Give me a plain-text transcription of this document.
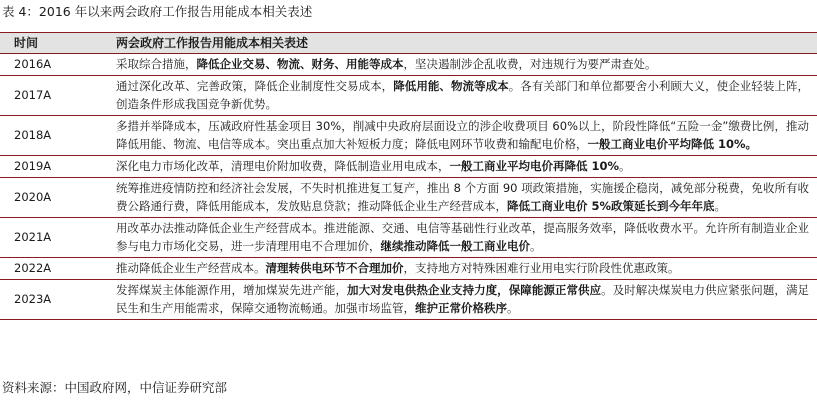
表 4：2016 年以来两会政府工作报告用能成本相关表述
时间	两会政府工作报告用能成本相关表述
2016A	采取综合措施，降低企业交易、物流、财务、用能等成本，坚决遏制涉企乱收费，对违规行为要严肃查处。
2017A	通过深化改革、完善政策，降低企业制度性交易成本，降低用能、物流等成本。各有关部门和单位都要舍小利顾大义，使企业轻装上阵，创造条件形成我国竞争新优势。
2018A	多措并举降成本，压减政府性基金项目 30%，削减中央政府层面设立的涉企收费项目 60%以上，阶段性降低“五险一金”缴费比例，推动降低用能、物流、电信等成本。突出重点加大补短板力度；降低电网环节收费和输配电价格，一般工商业电价平均降低 10%。
2019A	深化电力市场化改革，清理电价附加收费，降低制造业用电成本，一般工商业平均电价再降低 10%。
2020A	统筹推进疫情防控和经济社会发展，不失时机推进复工复产，推出 8 个方面 90 项政策措施，实施援企稳岗，减免部分税费，免收所有收费公路通行费，降低用能成本，发放贴息贷款；推动降低企业生产经营成本，降低工商业电价 5%政策延长到今年年底。
2021A	用改革办法推动降低企业生产经营成本。推进能源、交通、电信等基础性行业改革，提高服务效率，降低收费水平。允许所有制造业企业参与电力市场化交易，进一步清理用电不合理加价，继续推动降低一般工商业电价。
2022A	推动降低企业生产经营成本。清理转供电环节不合理加价，支持地方对特殊困难行业用电实行阶段性优惠政策。
2023A	发挥煤炭主体能源作用，增加煤炭先进产能，加大对发电供热企业支持力度，保障能源正常供应。及时解决煤炭电力供应紧张问题，满足民生和生产用能需求，保障交通物流畅通。加强市场监管，维护正常价格秩序。
资料来源：中国政府网，中信证券研究部
